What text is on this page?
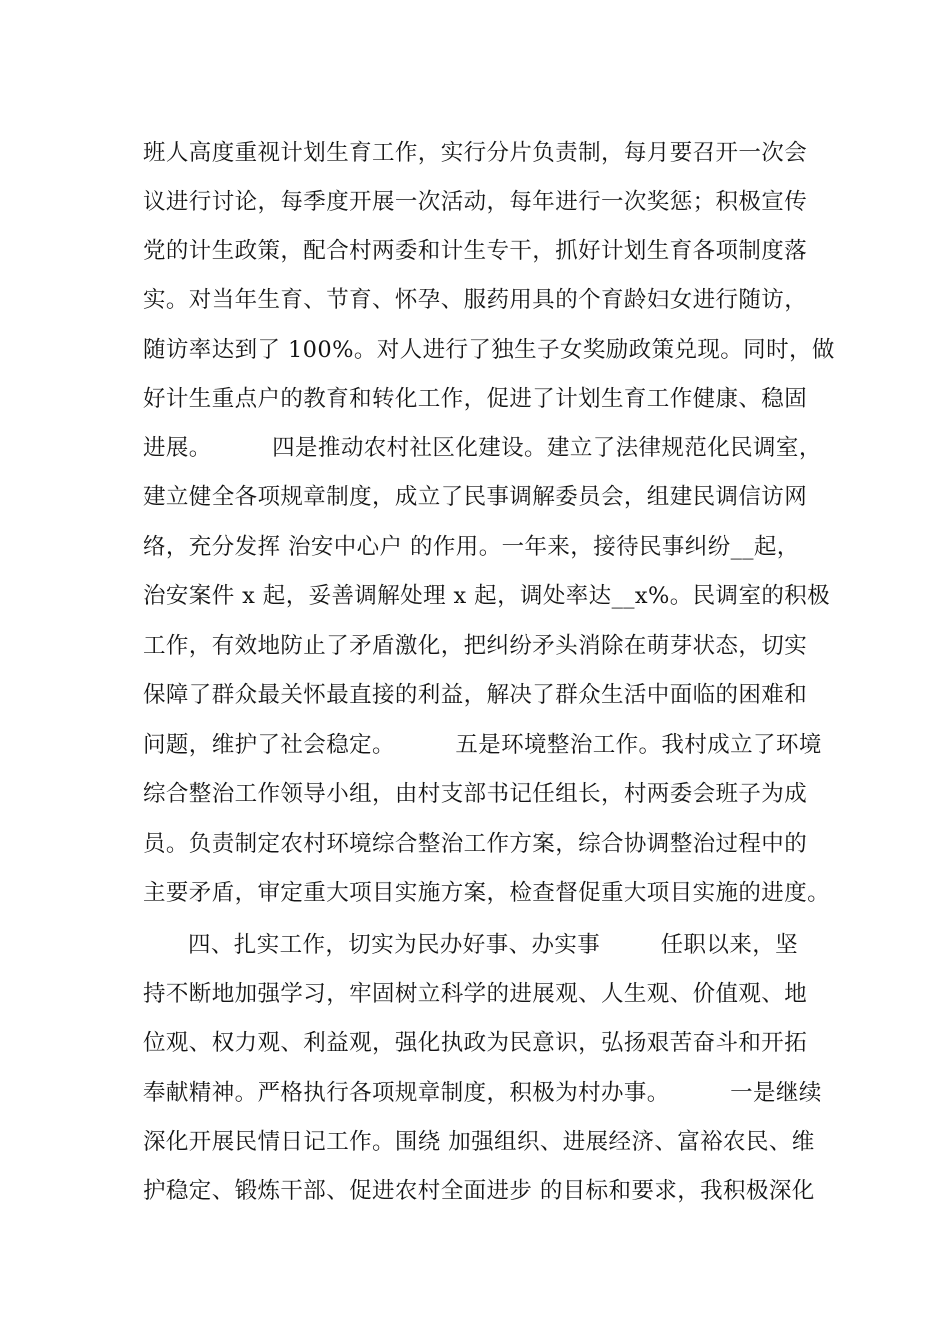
班人高度重视计划生育工作，实行分片负责制，每月要召开一次会
议进行讨论，每季度开展一次活动，每年进行一次奖惩；积极宣传
党的计生政策，配合村两委和计生专干，抓好计划生育各项制度落
实。对当年生育、节育、怀孕、服药用具的个育龄妇女进行随访，
随访率达到了 100%。对人进行了独生子女奖励政策兑现。同时，做
好计生重点户的教育和转化工作，促进了计划生育工作健康、稳固
进展。        四是推动农村社区化建设。建立了法律规范化民调室，
建立健全各项规章制度，成立了民事调解委员会，组建民调信访网
络，充分发挥 治安中心户 的作用。一年来，接待民事纠纷__起，
治安案件 x 起，妥善调解处理 x 起，调处率达__x%。民调室的积极
工作，有效地防止了矛盾激化，把纠纷矛头消除在萌芽状态，切实
保障了群众最关怀最直接的利益，解决了群众生活中面临的困难和
问题，维护了社会稳定。        五是环境整治工作。我村成立了环境
综合整治工作领导小组，由村支部书记任组长，村两委会班子为成
员。负责制定农村环境综合整治工作方案，综合协调整治过程中的
主要矛盾，审定重大项目实施方案，检查督促重大项目实施的进度。
四、扎实工作，切实为民办好事、办实事        任职以来，坚
持不断地加强学习，牢固树立科学的进展观、人生观、价值观、地
位观、权力观、利益观，强化执政为民意识，弘扬艰苦奋斗和开拓
奉献精神。严格执行各项规章制度，积极为村办事。        一是继续
深化开展民情日记工作。围绕 加强组织、进展经济、富裕农民、维
护稳定、锻炼干部、促进农村全面进步 的目标和要求，我积极深化
